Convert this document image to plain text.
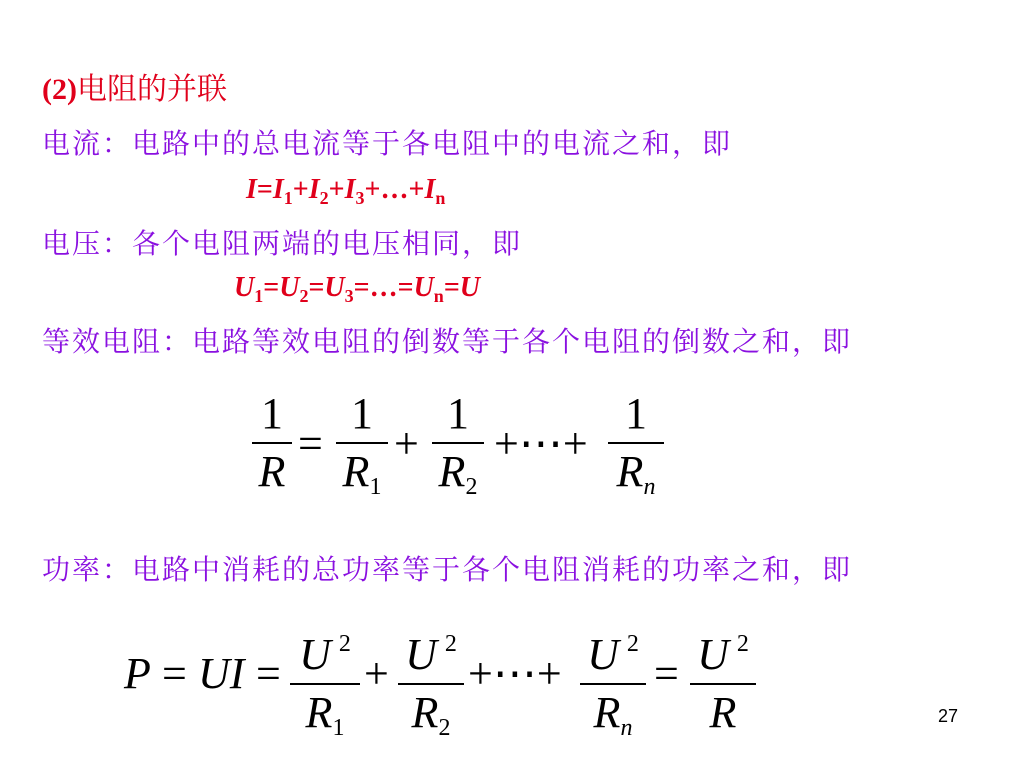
(2)电阻的并联
电流：电路中的总电流等于各电阻中的电流之和，即
$I=I_1+I_2+I_3+\dots+I_n$
电压：各个电阻两端的电压相同，即
$U_1=U_2=U_3=\dots=U_n=U$
等效电阻：电路等效电阻的倒数等于各个电阻的倒数之和，即
1
R
=
1
$R_1$
+
1
$R_2$
+⋯+
1
$R_n$
功率：电路中消耗的总功率等于各个电阻消耗的功率之和，即
P = UI = U $^2$
$R_1$
+ U $^2$
$R_2$
+⋯+ U $^2$
$R_n$
= U $^2$
R	27
